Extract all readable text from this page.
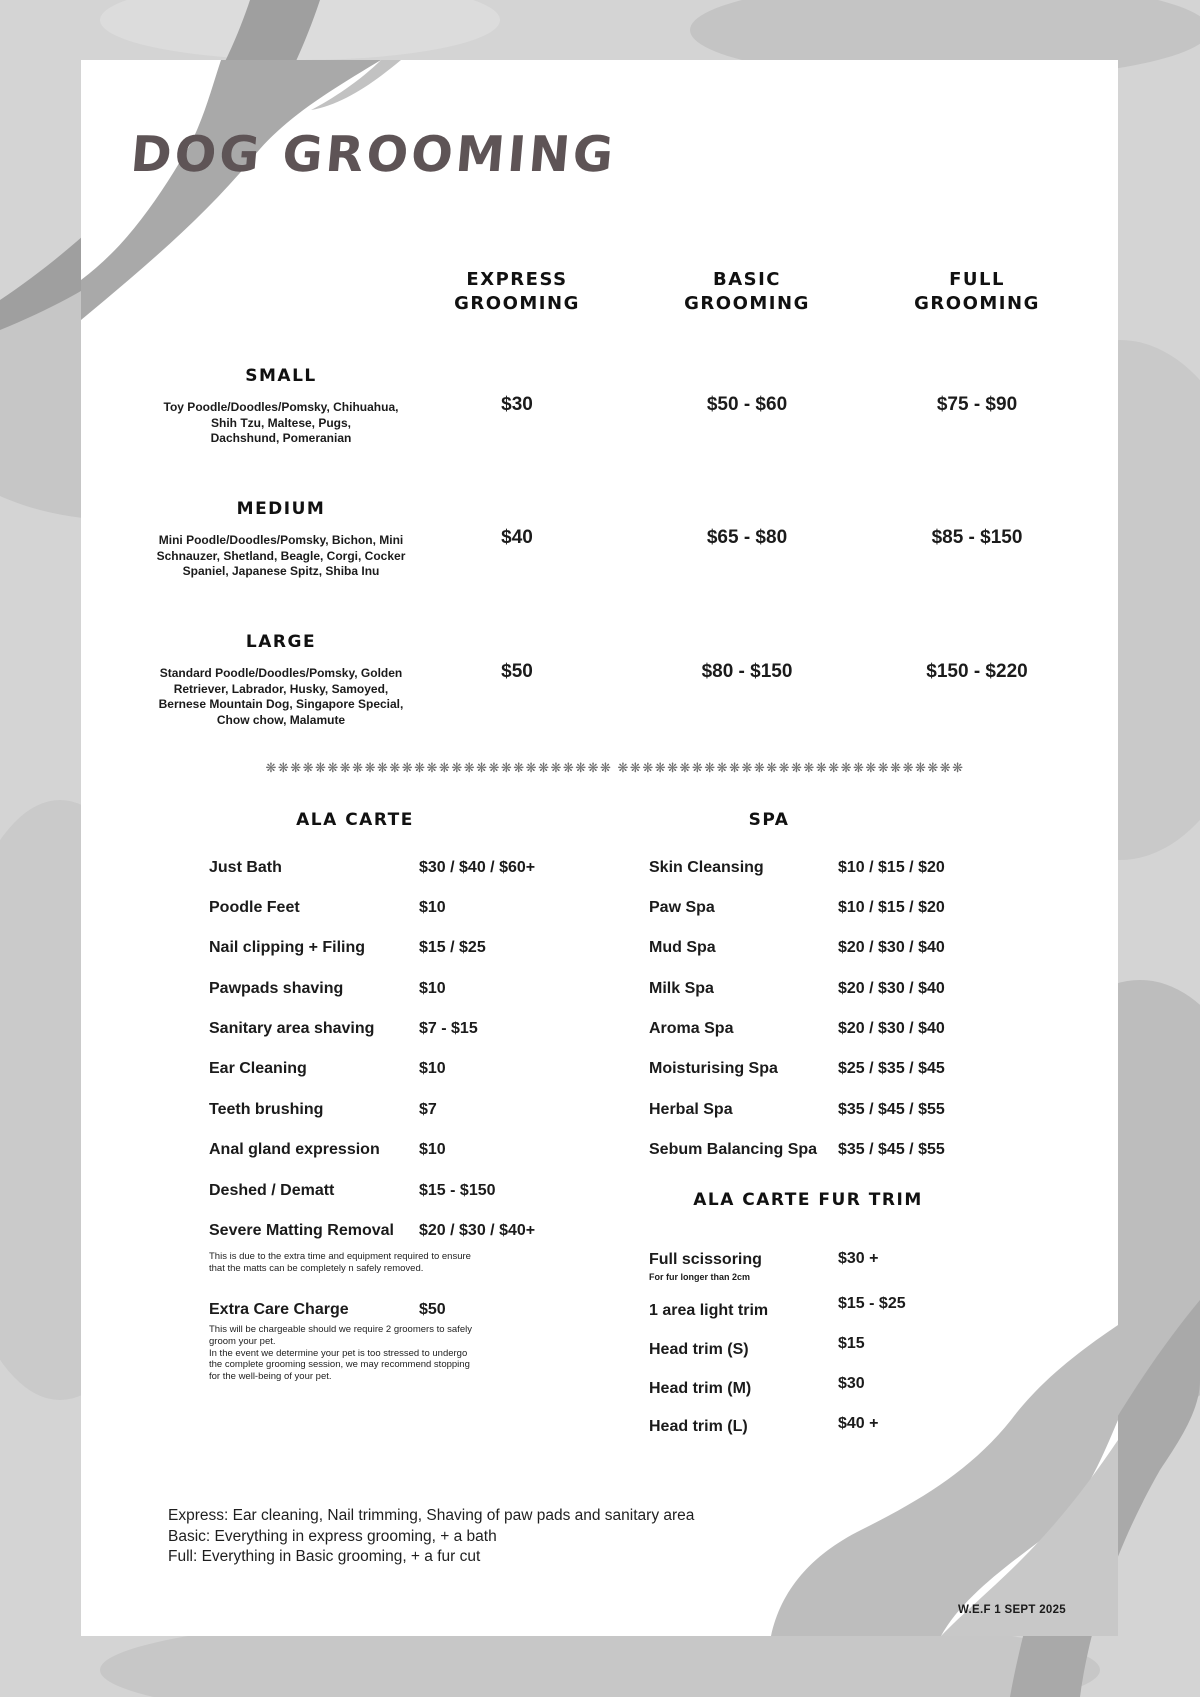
DOG GROOMING
EXPRESS
GROOMING
BASIC
GROOMING
FULL
GROOMING
SMALL
Toy Poodle/Doodles/Pomsky, Chihuahua,
Shih Tzu, Maltese, Pugs,
Dachshund, Pomeranian
$30	$50 - $60	$75 - $90
MEDIUM
Mini Poodle/Doodles/Pomsky, Bichon, Mini
Schnauzer, Shetland, Beagle, Corgi, Cocker
Spaniel, Japanese Spitz, Shiba Inu
$40	$65 - $80	$85 - $150
LARGE
Standard Poodle/Doodles/Pomsky, Golden
Retriever, Labrador, Husky, Samoyed,
Bernese Mountain Dog, Singapore Special,
Chow chow, Malamute
$50	$80 - $150	$150 - $220
❋❋❋❋❋❋❋❋❋❋❋❋❋❋❋❋❋❋❋❋❋❋❋❋❋❋❋❋ ❋❋❋❋❋❋❋❋❋❋❋❋❋❋❋❋❋❋❋❋❋❋❋❋❋❋❋❋
ALA CARTE
Just Bath	$30 / $40 / $60+
Poodle Feet	$10
Nail clipping + Filing	$15 / $25
Pawpads shaving	$10
Sanitary area shaving	$7 - $15
Ear Cleaning	$10
Teeth brushing	$7
Anal gland expression $10
Deshed / Dematt	$15 - $150
Severe Matting Removal $20 / $30 / $40+
This is due to the extra time and equipment required to ensure
that the matts can be completely n safely removed.
Extra Care Charge	$50
This will be chargeable should we require 2 groomers to safely
groom your pet.
In the event we determine your pet is too stressed to undergo
the complete grooming session, we may recommend stopping
for the well-being of your pet.
SPA
Skin Cleansing	$10 / $15 / $20
Paw Spa	$10 / $15 / $20
Mud Spa	$20 / $30 / $40
Milk Spa	$20 / $30 / $40
Aroma Spa	$20 / $30 / $40
Moisturising Spa	$25 / $35 / $45
Herbal Spa	$35 / $45 / $55
Sebum Balancing Spa $35 / $45 / $55
ALA CARTE FUR TRIM
Full scissoring
For fur longer than 2cm
$30 +
1 area light trim	$15 - $25
Head trim (S)	$15
Head trim (M)	$30
Head trim (L)	$40 +
Express: Ear cleaning, Nail trimming, Shaving of paw pads and sanitary area
Basic: Everything in express grooming, + a bath
Full: Everything in Basic grooming, + a fur cut
W.E.F 1 SEPT 2025
